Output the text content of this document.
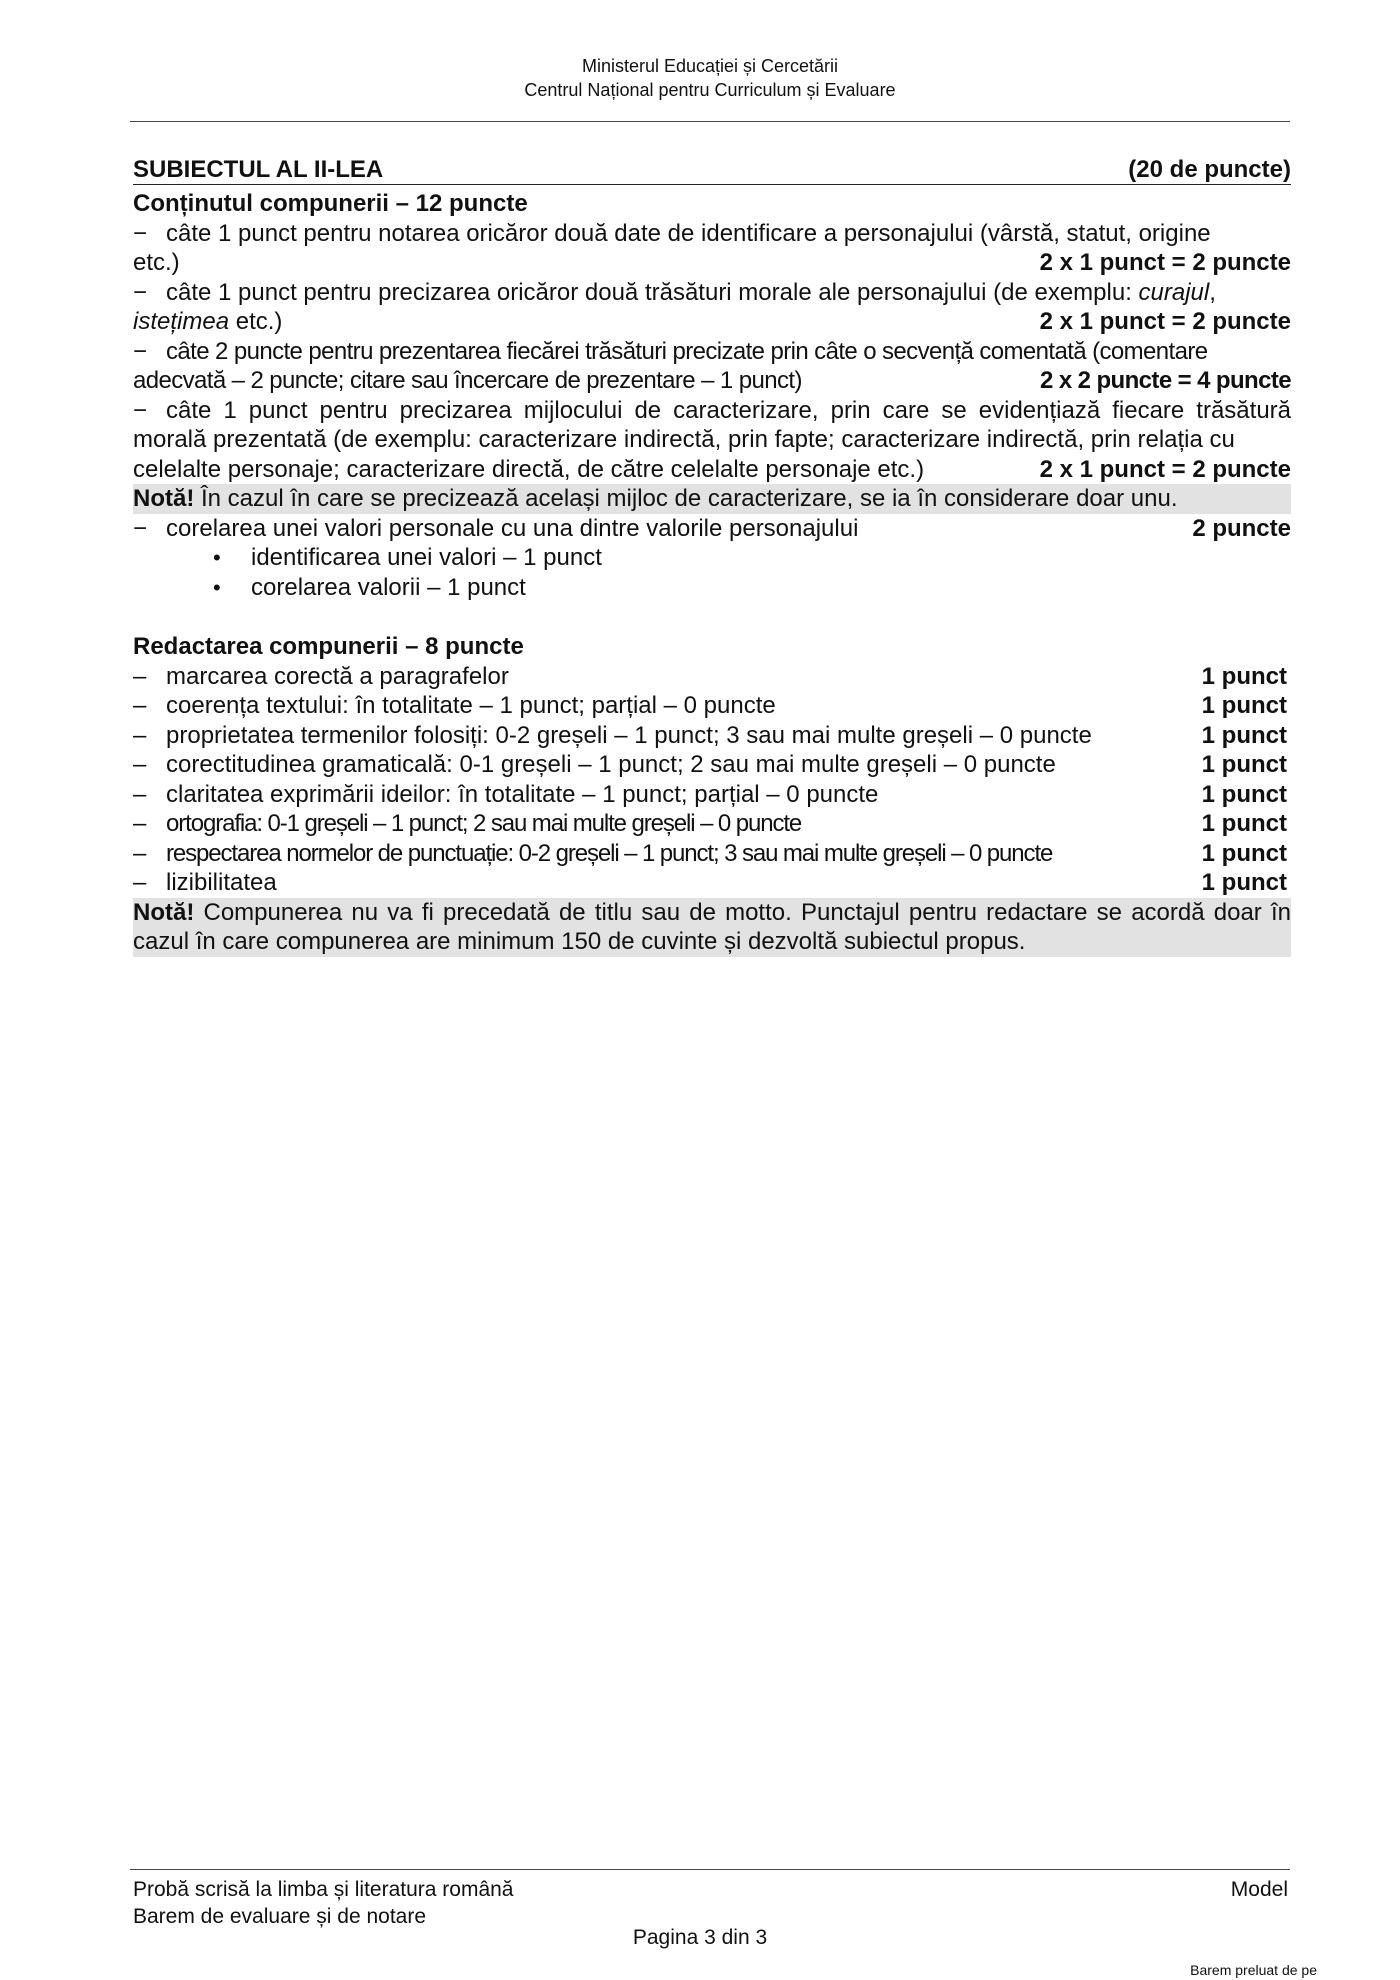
Ministerul Educației și Cercetării
Centrul Național pentru Curriculum și Evaluare
SUBIECTUL AL II-LEA	(20 de puncte)
Conținutul compunerii – 12 puncte
− câte 1 punct pentru notarea oricăror două date de identificare a personajului (vârstă, statut, origine
etc.)	2 x 1 punct = 2 puncte
− câte 1 punct pentru precizarea oricăror două trăsături morale ale personajului (de exemplu: curajul,
istețimea etc.)	2 x 1 punct = 2 puncte
− câte 2 puncte pentru prezentarea fiecărei trăsături precizate prin câte o secvență comentată (comentare
adecvată – 2 puncte; citare sau încercare de prezentare – 1 punct)	2 x 2 puncte = 4 puncte
− câte 1 punct pentru precizarea mijlocului de caracterizare, prin care se evidențiază fiecare trăsătură morală prezentată (de exemplu: caracterizare indirectă, prin fapte; caracterizare indirectă, prin relația cu
celelalte personaje; caracterizare directă, de către celelalte personaje etc.)	2 x 1 punct = 2 puncte
Notă! În cazul în care se precizează același mijloc de caracterizare, se ia în considerare doar unu.
− corelarea unei valori personale cu una dintre valorile personajului	2 puncte
•	identificarea unei valori – 1 punct
•	corelarea valorii – 1 punct
Redactarea compunerii – 8 puncte
– marcarea corectă a paragrafelor	1 punct
– coerența textului: în totalitate – 1 punct; parțial – 0 puncte	1 punct
– proprietatea termenilor folosiți: 0-2 greșeli – 1 punct; 3 sau mai multe greșeli – 0 puncte	1 punct
– corectitudinea gramaticală: 0-1 greșeli – 1 punct; 2 sau mai multe greșeli – 0 puncte	1 punct
– claritatea exprimării ideilor: în totalitate – 1 punct; parțial – 0 puncte	1 punct
– ortografia: 0-1 greșeli – 1 punct; 2 sau mai multe greșeli – 0 puncte	1 punct
– respectarea normelor de punctuație: 0-2 greșeli – 1 punct; 3 sau mai multe greșeli – 0 puncte	1 punct
– lizibilitatea	1 punct
Notă! Compunerea nu va fi precedată de titlu sau de motto. Punctajul pentru redactare se acordă doar în cazul în care compunerea are minimum 150 de cuvinte și dezvoltă subiectul propus.
Probă scrisă la limba și literatura română	Model
Barem de evaluare și de notare
Pagina 3 din 3
Barem preluat de pe
